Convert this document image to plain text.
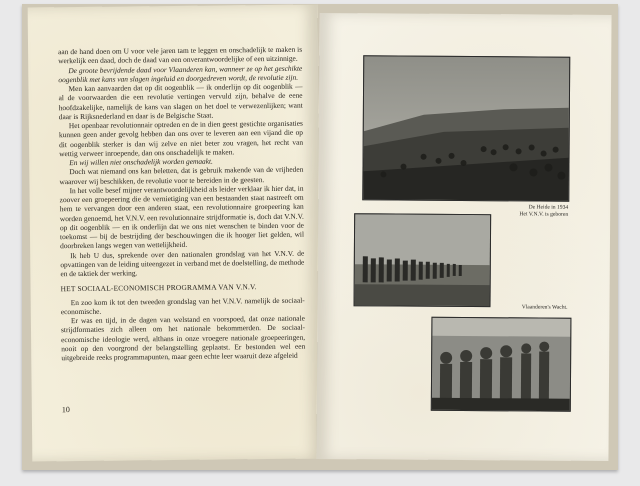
aan de hand doen om U voor vele jaren tam te leggen en onschadelijk te maken is werkelijk een daad, doch de daad van een onverantwoordelijke of een uitzinnige.

De groote bevrijdende daad voor Vlaanderen kan, wanneer ze op het geschikte oogenblik met kans van slagen ingeluid en doorgedreven wordt, de revolutie zijn.

Men kan aanvaarden dat op dit oogenblik — ik onderlijn op dit oogenblik — al de voorwaarden die een revolutie vertingen vervuld zijn, behalve de eene hoofdzakelijke, namelijk de kans van slagen on het doel te verwezenlijken; want daar is Rijksnederland en daar is de Belgische Staat.

Het openbaar revolutionnair optreden en de in dien geest gestichte organisaties kunnen geen ander gevolg hebben dan ons over te leveren aan een vijand die op dit oogenblik sterker is dan wij zelve en niet beter zou vragen, het recht van wettig verweer inroepende, dan ons onschadelijk te maken.

En wij willen niet onschadelijk worden gemaakt.

Doch wat niemand ons kan beletten, dat is gebruik makende van de vrijheden waarover wij beschikken, de revolutie voor te bereiden in de geesten.

In het volle besef mijner verantwoordelijkheid als leider verklaar ik hier dat, in zoover een groepeering die de vernietiging van een bestaanden staat nastreeft om hem te vervangen door een anderen staat, een revolutionnaire groepeering kan worden genoemd, het V.N.V. een revolutionnaire strijdformatie is, doch dat V.N.V. op dit oogenblik — en ik onderlijn dat we ons niet wenschen te binden voor de toekomst — bij de bestrijding der beschouwingen die ik hooger liet gelden, wil doorbreken langs wegen van wettelijkheid.

Ik heb U dus, sprekende over den nationalen grondslag van het V.N.V. de opvattingen van de leiding uiteengezet in verband met de doelstelling, de methode en de taktiek der werking.

HET SOCIAAL-ECONOMISCH PROGRAMMA VAN V.N.V.

En zoo kom ik tot den tweeden grondslag van het V.N.V. namelijk de sociaal-economische.

Er was en tijd, in de dagen van welstand en voorspoed, dat onze nationale strijdformaties zich alleen om het nationale bekommerden. De sociaal-economische ideologie werd, althans in onze vroegere nationale groepeeringen, nooit op den voorgrond der belangstelling geplaatst. Er bestonden wel een uitgebreide reeks programmapunten, maar geen echte leer waaruit deze afgeleid

10
De Heide in 1934
Het V.N.V. is geboren
Vlaanderen's Wacht.
